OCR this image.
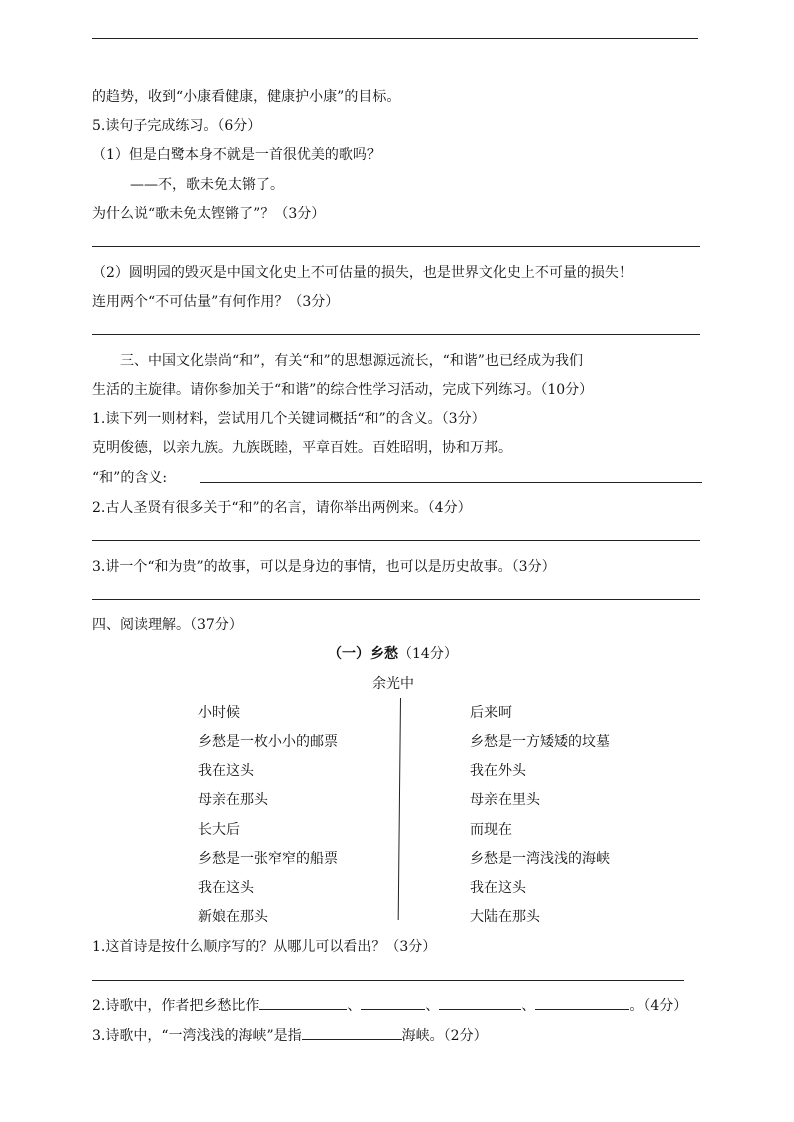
的趋势，收到“小康看健康，健康护小康”的目标。
5.读句子完成练习。（6分）
（1）但是白鹭本身不就是一首很优美的歌吗？
——不，歌未免太锵了。
为什么说“歌未免太铿锵了”？（3分）
（2）圆明园的毁灭是中国文化史上不可估量的损失，也是世界文化史上不可量的损失！
连用两个“不可估量”有何作用？（3分）
三、中国文化崇尚“和”，有关“和”的思想源远流长，“和谐”也已经成为我们
生活的主旋律。请你参加关于“和谐”的综合性学习活动，完成下列练习。（10分）
1.读下列一则材料，尝试用几个关键词概括“和”的含义。（3分）
克明俊德，以亲九族。九族既睦，平章百姓。百姓昭明，协和万邦。
“和”的含义:
2.古人圣贤有很多关于“和”的名言，请你举出两例来。（4分）
3.讲一个“和为贵”的故事，可以是身边的事情，也可以是历史故事。（3分）
四、阅读理解。（37分）
（一）乡愁（14分）
余光中
小时候
乡愁是一枚小小的邮票
我在这头
母亲在那头
长大后
乡愁是一张窄窄的船票
我在这头
新娘在那头
后来呵
乡愁是一方矮矮的坟墓
我在外头
母亲在里头
而现在
乡愁是一湾浅浅的海峡
我在这头
大陆在那头
1.这首诗是按什么顺序写的？从哪儿可以看出？（3分）
2.诗歌中，作者把乡愁比作	、	、	、	。（4分）
3.诗歌中，“一湾浅浅的海峡”是指	海峡。（2分）
